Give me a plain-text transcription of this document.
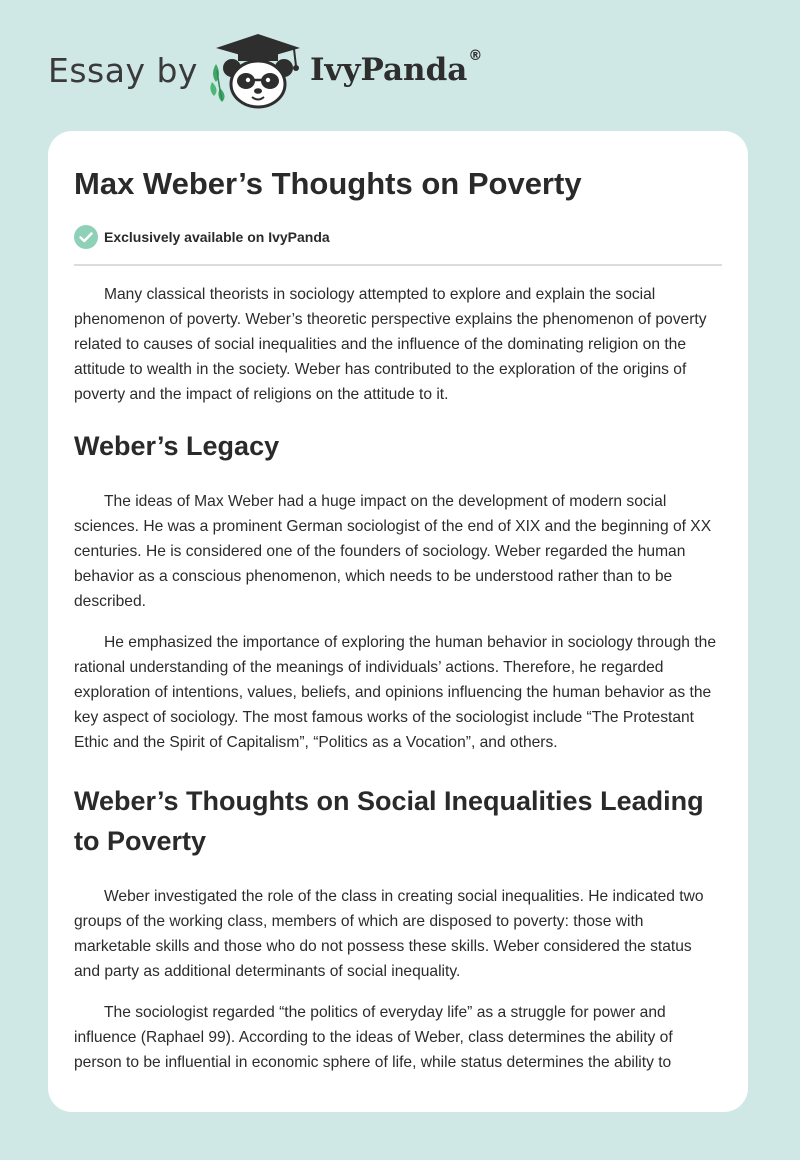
Essay by	IvyPanda®
Max Weber’s Thoughts on Poverty
Exclusively available on IvyPanda

Many classical theorists in sociology attempted to explore and explain the social phenomenon of poverty. Weber’s theoretic perspective explains the phenomenon of poverty related to causes of social inequalities and the influence of the dominating religion on the attitude to wealth in the society. Weber has contributed to the exploration of the origins of poverty and the impact of religions on the attitude to it.

Weber’s Legacy

The ideas of Max Weber had a huge impact on the development of modern social sciences. He was a prominent German sociologist of the end of XIX and the beginning of XX centuries. He is considered one of the founders of sociology. Weber regarded the human behavior as a conscious phenomenon, which needs to be understood rather than to be described.

He emphasized the importance of exploring the human behavior in sociology through the rational understanding of the meanings of individuals’ actions. Therefore, he regarded exploration of intentions, values, beliefs, and opinions influencing the human behavior as the key aspect of sociology. The most famous works of the sociologist include “The Protestant Ethic and the Spirit of Capitalism”, “Politics as a Vocation”, and others.

Weber’s Thoughts on Social Inequalities Leading to Poverty

Weber investigated the role of the class in creating social inequalities. He indicated two groups of the working class, members of which are disposed to poverty: those with marketable skills and those who do not possess these skills. Weber considered the status and party as additional determinants of social inequality.

The sociologist regarded “the politics of everyday life” as a struggle for power and influence (Raphael 99). According to the ideas of Weber, class determines the ability of person to be influential in economic sphere of life, while status determines the ability to
